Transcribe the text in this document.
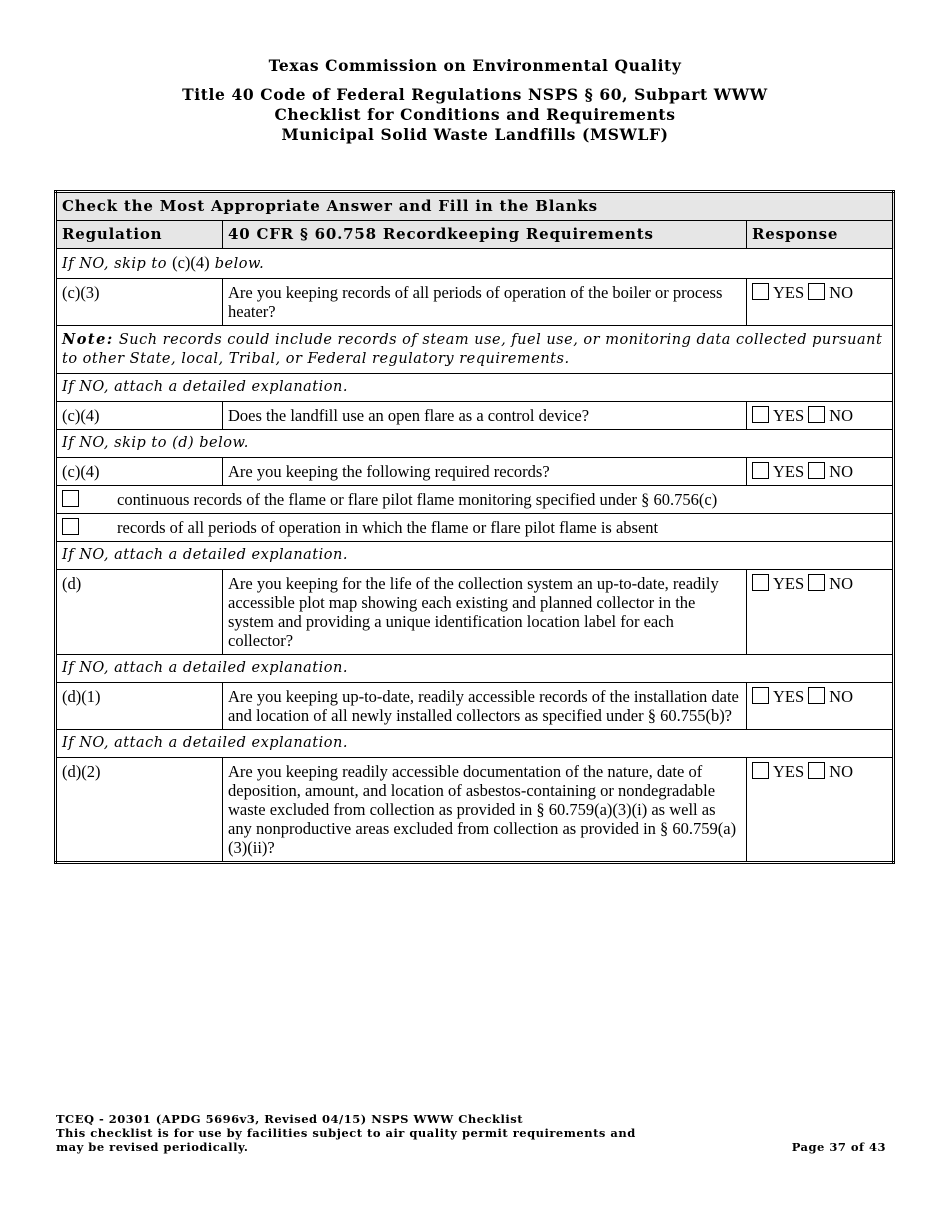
Texas Commission on Environmental Quality
Title 40 Code of Federal Regulations NSPS § 60, Subpart WWW
Checklist for Conditions and Requirements
Municipal Solid Waste Landfills (MSWLF)
Check the Most Appropriate Answer and Fill in the Blanks		
Regulation	40 CFR § 60.758 Recordkeeping Requirements	Response
If NO, skip to (c)(4) below.		
(c)(3)	Are you keeping records of all periods of operation of the boiler or process heater?	YES NO
Note: Such records could include records of steam use, fuel use, or monitoring data collected pursuant to other State, local, Tribal, or Federal regulatory requirements.		
If NO, attach a detailed explanation.		
(c)(4)	Does the landfill use an open flare as a control device?	YES NO
If NO, skip to (d) below.		
(c)(4)	Are you keeping the following required records?	YES NO
continuous records of the flame or flare pilot flame monitoring specified under § 60.756(c)		
records of all periods of operation in which the flame or flare pilot flame is absent		
If NO, attach a detailed explanation.		
(d)	Are you keeping for the life of the collection system an up-to-date, readily accessible plot map showing each existing and planned collector in the system and providing a unique identification location label for each collector?	YES NO
If NO, attach a detailed explanation.		
(d)(1)	Are you keeping up-to-date, readily accessible records of the installation date and location of all newly installed collectors as specified under § 60.755(b)?	YES NO
If NO, attach a detailed explanation.		
(d)(2)	Are you keeping readily accessible documentation of the nature, date of deposition, amount, and location of asbestos-containing or nondegradable waste excluded from collection as provided in § 60.759(a)(3)(i) as well as any nonproductive areas excluded from collection as provided in § 60.759(a)(3)(ii)?	YES NO
TCEQ - 20301 (APDG 5696v3, Revised 04/15) NSPS WWW Checklist
This checklist is for use by facilities subject to air quality permit requirements and
may be revised periodically.	Page 37 of 43
